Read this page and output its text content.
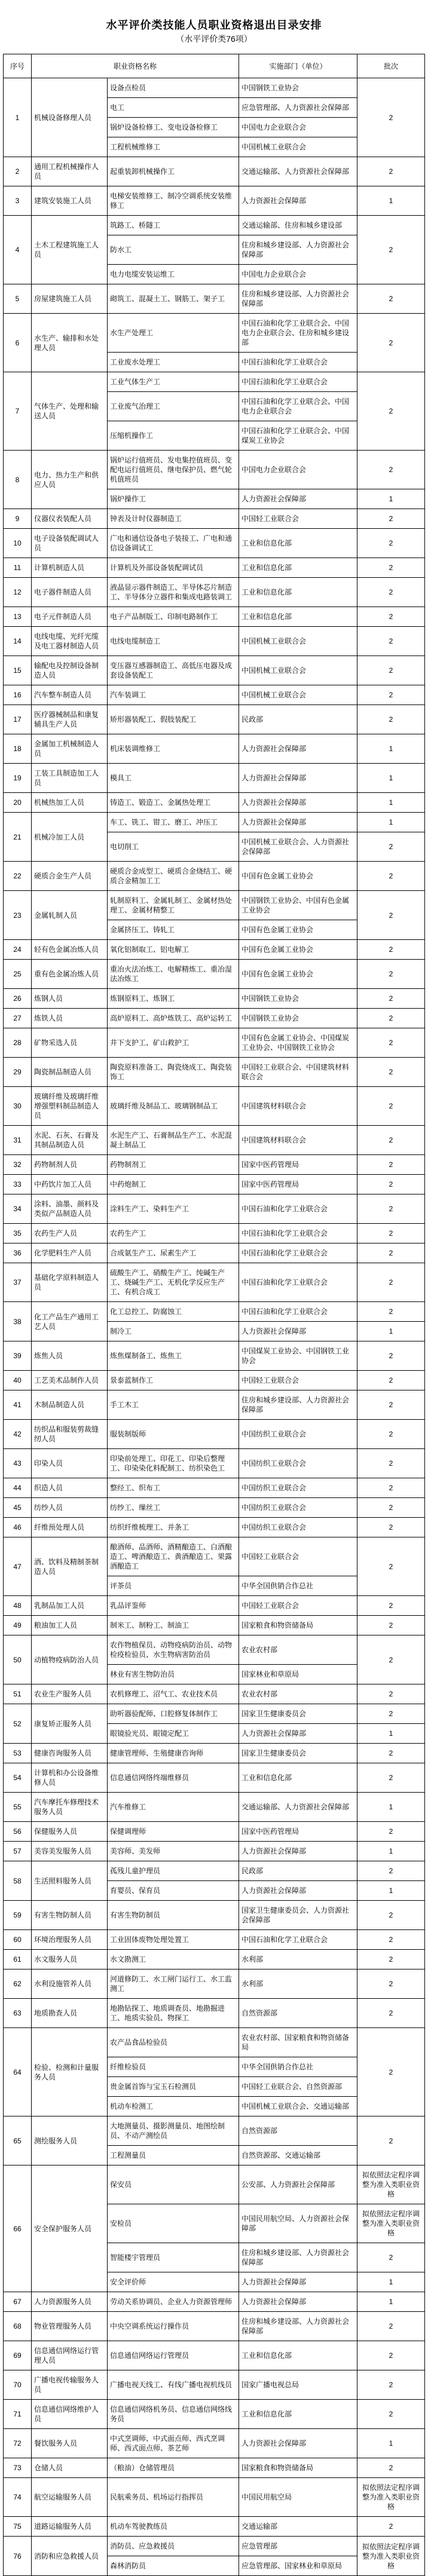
水平评价类技能人员职业资格退出目录安排
（水平评价类76项）
序号	职业资格名称		实施部门（单位）	批次
1	机械设备修理人员	设备点检员	中国钢铁工业协会	2
		电工	应急管理部、人力资源社会保障部	
		锅炉设备检修工、变电设备检修工	中国电力企业联合会	
		工程机械维修工	中国机械工业联合会	
2	通用工程机械操作人员	起重装卸机械操作工	交通运输部、人力资源社会保障部	2
3	建筑安装施工人员	电梯安装维修工、制冷空调系统安装维修工	人力资源社会保障部	1
4	土木工程建筑施工人员	筑路工、桥隧工	交通运输部、住房和城乡建设部	2
		防水工	住房和城乡建设部、人力资源社会保障部	
		电力电缆安装运维工	中国电力企业联合会	
5	房屋建筑施工人员	砌筑工、混凝土工、钢筋工、架子工	住房和城乡建设部、人力资源社会保障部	2
6	水生产、输排和水处理人员	水生产处理工	中国石油和化学工业联合会、中国电力企业联合会、住房和城乡建设部	2
		工业废水处理工	中国石油和化学工业联合会	
7	气体生产、处理和输送人员	工业气体生产工	中国石油和化学工业联合会	2
		工业废气治理工	中国石油和化学工业联合会、中国电力企业联合会	
		压缩机操作工	中国石油和化学工业联合会、中国煤炭工业协会	
8	电力、热力生产和供应人员	锅炉运行值班员、发电集控值班员、变配电运行值班员、继电保护员、燃气轮机值班员	中国电力企业联合会	2
		锅炉操作工	人力资源社会保障部	1
9	仪器仪表装配人员	钟表及计时仪器制造工	中国轻工业联合会	2
10	电子设备装配调试人员	广电和通信设备电子装接工、广电和通信设备调试工	工业和信息化部	2
11	计算机制造人员	计算机及外部设备装配调试员	工业和信息化部	2
12	电子器件制造人员	液晶显示器件制造工、半导体芯片制造工、半导体分立器件和集成电路装调工	工业和信息化部	2
13	电子元件制造人员	电子产品制版工、印制电路制作工	工业和信息化部	2
14	电线电缆、光纤光缆及电工器材制造人员	电线电缆制造工	中国机械工业联合会	2
15	输配电及控制设备制造人员	变压器互感器制造工、高低压电器及成套设备装配工	中国机械工业联合会	2
16	汽车整车制造人员	汽车装调工	中国机械工业联合会	2
17	医疗器械制品和康复辅具生产人员	矫形器装配工、假肢装配工	民政部	2
18	金属加工机械制造人员	机床装调维修工	人力资源社会保障部	1
19	工装工具制造加工人员	模具工	人力资源社会保障部	1
20	机械热加工人员	铸造工、锻造工、金属热处理工	人力资源社会保障部	1
21	机械冷加工人员	车工、铣工、钳工、磨工、冲压工	人力资源社会保障部	1
		电切削工	中国机械工业联合会、人力资源社会保障部	2
22	硬质合金生产人员	硬质合金成型工、硬质合金烧结工、硬质合金精加工工	中国有色金属工业协会	2
23	金属轧制人员	轧制原料工、金属轧制工、金属材热处理工、金属材精整工	中国钢铁工业协会、中国有色金属工业协会	2
		金属挤压工、铸轧工	中国有色金属工业协会	
24	轻有色金属冶炼人员	氧化铝制取工、铝电解工	中国有色金属工业协会	2
25	重有色金属冶炼人员	重冶火法冶炼工、电解精炼工、重冶湿法冶炼工	中国有色金属工业协会	2
26	炼钢人员	炼钢原料工、炼钢工	中国钢铁工业协会	2
27	炼铁人员	高炉原料工、高炉炼铁工、高炉运转工	中国钢铁工业协会	2
28	矿物采选人员	井下支护工、矿山救护工	中国有色金属工业协会、中国煤炭工业协会、中国钢铁工业协会	2
29	陶瓷制品制造人员	陶瓷原料准备工、陶瓷烧成工、陶瓷装饰工	中国轻工业联合会、中国建筑材料联合会	2
30	玻璃纤维及玻璃纤维增强塑料制品制造人员	玻璃纤维及制品工、玻璃钢制品工	中国建筑材料联合会	2
31	水泥、石灰、石膏及其制品制造人员	水泥生产工、石膏制品生产工、水泥混凝土制品工	中国建筑材料联合会	2
32	药物制剂人员	药物制剂工	国家中医药管理局	2
33	中药饮片加工人员	中药炮制工	国家中医药管理局	2
34	涂料、油墨、颜料及类似产品制造人员	涂料生产工、染料生产工	中国石油和化学工业联合会	2
35	农药生产人员	农药生产工	中国石油和化学工业联合会	2
36	化学肥料生产人员	合成氨生产工、尿素生产工	中国石油和化学工业联合会	2
37	基础化学原料制造人员	硫酸生产工、硝酸生产工、纯碱生产工、烧碱生产工、无机化学反应生产工、有机合成工	中国石油和化学工业联合会	2
38	化工产品生产通用工艺人员	化工总控工、防腐蚀工	中国石油和化学工业联合会	2
		制冷工	人力资源社会保障部	1
39	炼焦人员	炼焦煤制备工、炼焦工	中国煤炭工业协会、中国钢铁工业协会	2
40	工艺美术品制作人员	景泰蓝制作工	中国轻工业联合会	2
41	木制品制造人员	手工木工	住房和城乡建设部、人力资源社会保障部	2
42	纺织品和服装剪裁缝纫人员	服装制版师	中国纺织工业联合会	2
43	印染人员	印染前处理工、印花工、印染后整理工、印染染化料配制工、纺织染色工	中国纺织工业联合会	2
44	织造人员	整经工、织布工	中国纺织工业联合会	2
45	纺纱人员	纺纱工、缫丝工	中国纺织工业联合会	2
46	纤维预处理人员	纺织纤维梳理工、并条工	中国纺织工业联合会	2
47	酒、饮料及精制茶制造人员	酿酒师、品酒师、酒精酿造工、白酒酿造工、啤酒酿造工、黄酒酿造工、果露酒酿造工	中国轻工业联合会	2
		评茶员	中华全国供销合作总社	
48	乳制品加工人员	乳品评鉴师	中国轻工业联合会	2
49	粮油加工人员	制米工、制粉工、制油工	国家粮食和物资储备局	2
50	动植物疫病防治人员	农作物植保员、动物疫病防治员、动物检疫检验员、水生物病害防治员	农业农村部	2
		林业有害生物防治员	国家林业和草原局	
51	农业生产服务人员	农机修理工、沼气工、农业技术员	农业农村部	2
52	康复矫正服务人员	助听器验配师、口腔修复体制作工	国家卫生健康委员会	2
		眼镜验光员、眼镜定配工	人力资源社会保障部	1
53	健康咨询服务人员	健康管理师、生殖健康咨询师	国家卫生健康委员会	2
54	计算机和办公设备维修人员	信息通信网络终端维修员	工业和信息化部	2
55	汽车摩托车修理技术服务人员	汽车维修工	交通运输部、人力资源社会保障部	1
56	保健服务人员	保健调理师	国家中医药管理局	2
57	美容美发服务人员	美容师、美发师	人力资源社会保障部	1
58	生活照料服务人员	孤残儿童护理员	民政部	2
		育婴员、保育员	人力资源社会保障部	1
59	有害生物防制人员	有害生物防制员	国家卫生健康委员会、人力资源社会保障部	2
60	环境治理服务人员	工业固体废物处理处置工	中国石油和化学工业联合会	2
61	水文服务人员	水文勘测工	水利部	2
62	水利设施管养人员	河道修防工、水工闸门运行工、水工监测工	水利部	2
63	地质勘查人员	地勘钻探工、地质调查员、地勘掘进工、地质实验员、物探工	自然资源部	2
64	检验、检测和计量服务人员	农产品食品检验员	农业农村部、国家粮食和物资储备局	2
		纤维检验员	中华全国供销合作总社	
		贵金属首饰与宝玉石检测员	中国轻工业联合会、自然资源部	
		机动车检测工	中国机械工业联合会、交通运输部	
65	测绘服务人员	大地测量员、摄影测量员、地图绘制员、不动产测绘员	自然资源部	2
		工程测量员	自然资源部、交通运输部	
66	安全保护服务人员	保安员	公安部、人力资源社会保障部	拟依照法定程序调整为准入类职业资格
		安检员	中国民用航空局、人力资源社会保障部	拟依照法定程序调整为准入类职业资格
		智能楼宇管理员	住房和城乡建设部、人力资源社会保障部	2
		安全评价师	人力资源社会保障部	1
67	人力资源服务人员	劳动关系协调员、企业人力资源管理师	人力资源社会保障部	1
68	物业管理服务人员	中央空调系统运行操作员	住房和城乡建设部、人力资源社会保障部	2
69	信息通信网络运行管理人员	信息通信网络运行管理员	工业和信息化部	2
70	广播电视传输服务人员	广播电视天线工、有线广播电视机线员	国家广播电视总局	2
71	信息通信网络维护人员	信息通信网络机务员、信息通信网络线务员	工业和信息化部	2
72	餐饮服务人员	中式烹调师、中式面点师、西式烹调师、西式面点师、茶艺师	人力资源社会保障部	1
73	仓储人员	（粮油）仓储管理员	国家粮食和物资储备局	2
74	航空运输服务人员	民航乘务员、机场运行指挥员	中国民用航空局	拟依照法定程序调整为准入类职业资格
75	道路运输服务人员	机动车驾驶教练员	交通运输部	2
76	消防和应急救援人员	消防员、应急救援员	应急管理部	拟依照法定程序调整为准入类职业资格
		森林消防员	应急管理部、国家林业和草原局	
